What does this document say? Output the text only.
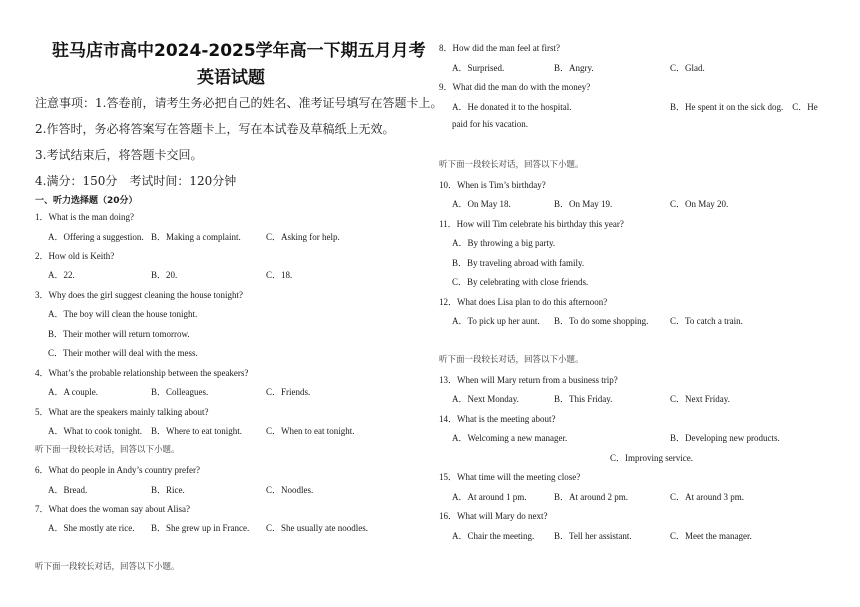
驻马店市高中2024-2025学年高一下期五月月考
英语试题
注意事项：1.答卷前，请考生务必把自己的姓名、准考证号填写在答题卡上。
2.作答时，务必将答案写在答题卡上，写在本试卷及草稿纸上无效。
3.考试结束后，将答题卡交回。
4.满分：150分　考试时间：120分钟
一、听力选择题（20分）
1．What is the man doing?
A．Offering a suggestion. B．Making a complaint.	C．Asking for help.
2．How old is Keith?
A．22.	B．20.	C．18.
3．Why does the girl suggest cleaning the house tonight?
A．The boy will clean the house tonight.
B．Their mother will return tomorrow.
C．Their mother will deal with the mess.
4．What’s the probable relationship between the speakers?
A．A couple.	B．Colleagues.	C．Friends.
5．What are the speakers mainly talking about?
A．What to cook tonight. B．Where to eat tonight.	C．When to eat tonight.
听下面一段较长对话，回答以下小题。
6．What do people in Andy’s country prefer?
A．Bread.	B．Rice.	C．Noodles.
7．What does the woman say about Alisa?
A．She mostly ate rice. B．She grew up in France. C．She usually ate noodles.
听下面一段较长对话，回答以下小题。
8．How did the man feel at first?
A．Surprised.	B．Angry.	C．Glad.
9．What did the man do with the money?
A．He donated it to the hospital.	B．He spent it on the sick dog.　C．He
paid for his vacation.
听下面一段较长对话，回答以下小题。
10．When is Tim’s birthday?
A．On May 18.	B．On May 19.	C．On May 20.
11．How will Tim celebrate his birthday this year?
A．By throwing a big party.
B．By traveling abroad with family.
C．By celebrating with close friends.
12．What does Lisa plan to do this afternoon?
A．To pick up her aunt. B．To do some shopping. C．To catch a train.
听下面一段较长对话，回答以下小题。
13．When will Mary return from a business trip?
A．Next Monday.	B．This Friday.	C．Next Friday.
14．What is the meeting about?
A．Welcoming a new manager.	B．Developing new products.
C．Improving service.
15．What time will the meeting close?
A．At around 1 pm.	B．At around 2 pm.	C．At around 3 pm.
16．What will Mary do next?
A．Chair the meeting. B．Tell her assistant.	C．Meet the manager.
